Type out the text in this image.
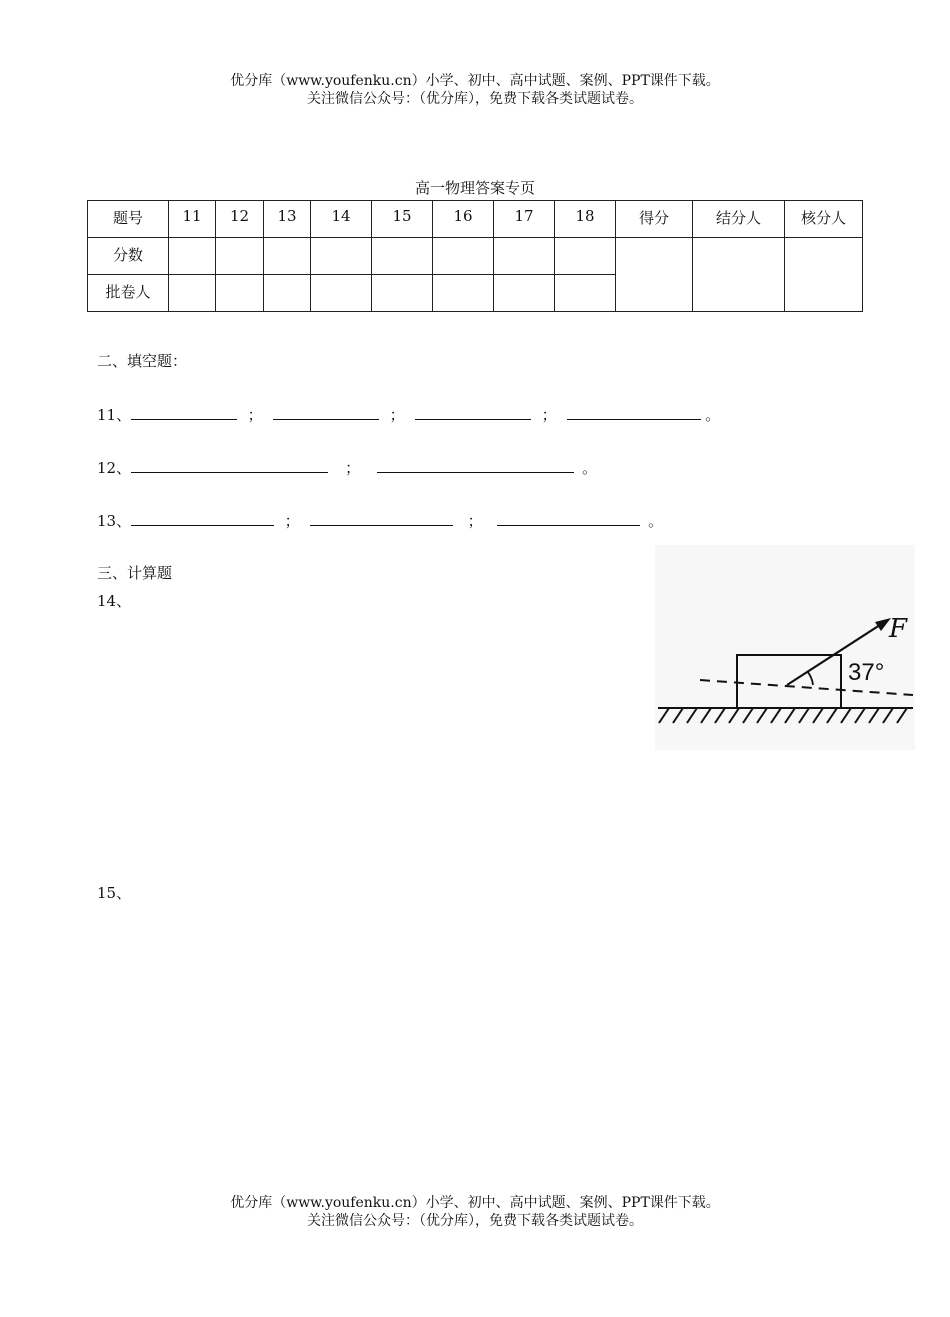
优分库（www.youfenku.cn）小学、初中、高中试题、案例、PPT课件下载。
关注微信公众号：（优分库），免费下载各类试题试卷。
高一物理答案专页
题号	11	12	13	14	15	16	17	18	得分	结分人	核分人
分数											
批卷人											
二、填空题：
11、	；	；	；	。
12、	；	。
13、	；	；	。
三、计算题
14、
F
37°
15、
优分库（www.youfenku.cn）小学、初中、高中试题、案例、PPT课件下载。
关注微信公众号：（优分库），免费下载各类试题试卷。
